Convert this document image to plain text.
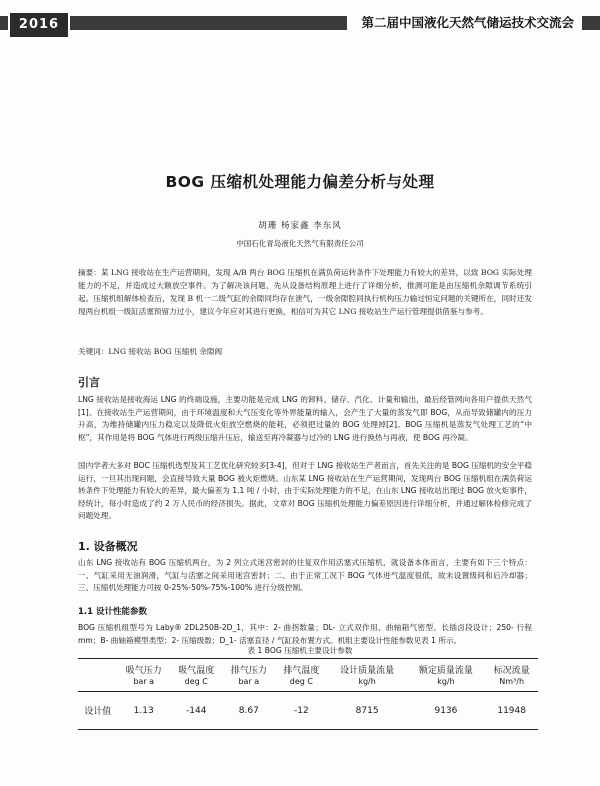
2016	第二届中国液化天然气储运技术交流会
BOG 压缩机处理能力偏差分析与处理
胡珊 杨家鑫 李东风
中国石化青岛液化天然气有限责任公司
摘要：某 LNG 接收站在生产运营期间，发现 A/B 两台 BOG 压缩机在满负荷运转条件下处理能力有较大的差异，以致 BOG 实际处理能力的不足，并造成过大额放空事件。为了解决该问题，先从设备结构原理上进行了详细分析，推测可能是由压缩机余隙调节系统引起。压缩机组解体检查后，发现 B 机一二级气缸的余隙同均存在泄气，一级余隙腔同执行机构压力输过恒定问题的关键所在，同时还发现两台机组一级缸活塞预留力过小，建议今年应对其进行更换，相信可为其它 LNG 接收站生产运行管理提供借鉴与参考。
关键词：LNG 接收站 BOG 压缩机 余隙阀
引言
LNG 接收站是接收海运 LNG 的终端设施，主要功能是完成 LNG 的卸料、储存、汽化、计量和输出，最后经管网向各用户提供天然气[1]。在接收站生产运营期间，由于环境温度和大气压变化等外界能量的输入，会产生了大量的蒸发气即 BOG，从而导致储罐内的压力升高，为维持储罐内压力稳定以及降低火炬放空燃烧的能耗，必须把过量的 BOG 处理掉[2]。BOG 压缩机是蒸发气处理工艺的“中枢”，其作用是将 BOG 气体进行两级压缩升压后，输送至再冷凝器与过冷的 LNG 进行换热与再液，使 BOG 再冷凝。
国内学者大多对 BOC 压缩机选型及其工艺优化研究较多[3-4]，但对于 LNG 接收站生产者而言，首先关注的是 BOG 压缩机的安全平稳运行，一旦其出现问题，会直接导致大量 BOG 被火炬燃烧。山东某 LNG 接收站在生产运营期间，发现两台 BOG 压缩机组在满负荷运转条件下处理能力有较大的差异，最大偏差为 1.1 吨 / 小时，由于实际处理能力的不足，在山东 LNG 接收站出现过 BOG 放火炬事件，经统计，每小时造成了约 2 万人民币的经济损失。据此，文章对 BOG 压缩机处理能力偏差原因进行详细分析，并通过解体检修完成了问题处理。
1. 设备概况
山东 LNG 接收站有 BOG 压缩机两台，为 2 列立式迷宫密封的往复双作用活塞式压缩机，就设备本体而言，主要有如下三个特点：一、气缸采用无油润滑，气缸与活塞之间采用迷宫密封；二、由于正常工况下 BOG 气体进气温度很低，故未设置级间和后冷却器；三、压缩机处理能力可按 0-25%-50%-75%-100% 进行分级控制。
1.1 设计性能参数
BOG 压缩机组型号为 Laby® 2DL250B-2D_1，其中：2- 曲拐数量；DL- 立式双作用、曲轴箱气密型、长插卤段设计；250- 行程 mm；B- 曲轴箱模型类型；2- 压缩级数；D_1- 活塞直径 / 气缸段布置方式。机组主要设计性能参数见表 1 所示。
表 1 BOG 压缩机主要设计参数
	吸气压力	吸气温度	排气压力	排气温度	设计质量流量	额定质量流量	标况流量
	bar a	deg C	bar a	deg C	kg/h	kg/h	Nm³/h
设计值	1.13	-144	8.67	-12	8715	9136	11948
